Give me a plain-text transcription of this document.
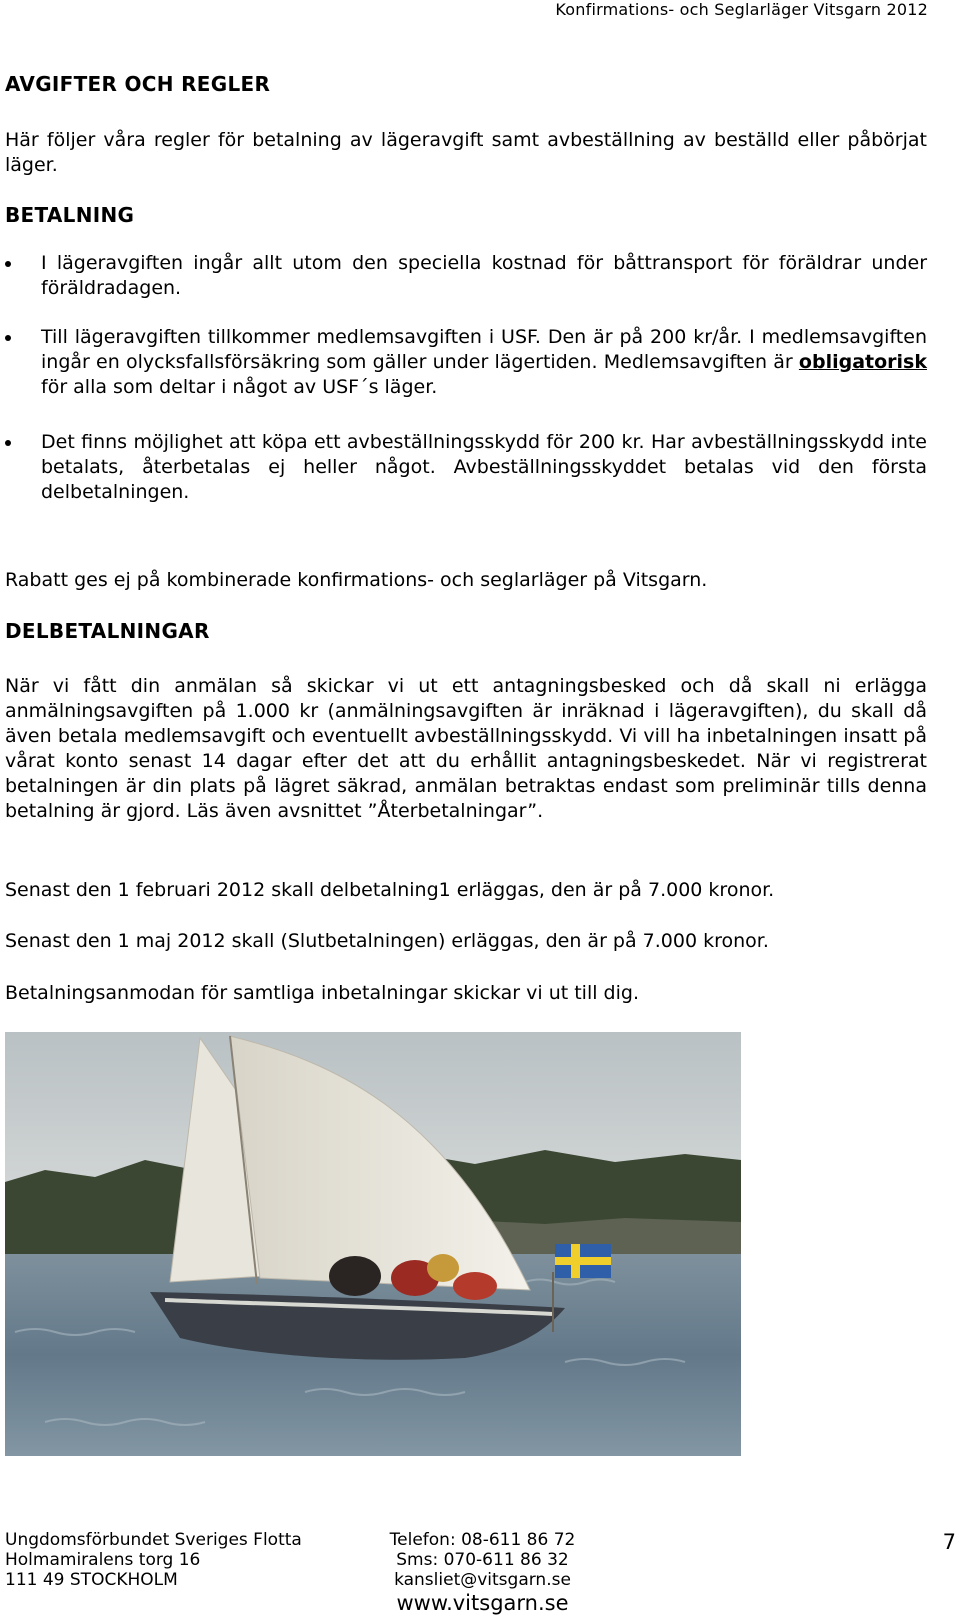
Konfirmations- och Seglarläger Vitsgarn 2012
AVGIFTER OCH REGLER
Här följer våra regler för betalning av lägeravgift samt avbeställning av beställd eller påbörjat läger.
BETALNING
I lägeravgiften ingår allt utom den speciella kostnad för båttransport för föräldrar under föräldradagen.
Till lägeravgiften tillkommer medlemsavgiften i USF. Den är på 200 kr/år. I medlemsavgiften ingår en olycksfallsförsäkring som gäller under lägertiden. Medlemsavgiften är obligatorisk för alla som deltar i något av USF´s läger.
Det finns möjlighet att köpa ett avbeställningsskydd för 200 kr. Har avbeställningsskydd inte betalats, återbetalas ej heller något. Avbeställningsskyddet betalas vid den första delbetalningen.
Rabatt ges ej på kombinerade konfirmations- och seglarläger på Vitsgarn.
DELBETALNINGAR
När vi fått din anmälan så skickar vi ut ett antagningsbesked och då skall ni erlägga anmälningsavgiften på 1.000 kr (anmälningsavgiften är inräknad i lägeravgiften), du skall då även betala medlemsavgift och eventuellt avbeställningsskydd. Vi vill ha inbetalningen insatt på vårat konto senast 14 dagar efter det att du erhållit antagningsbeskedet. När vi registrerat betalningen är din plats på lägret säkrad, anmälan betraktas endast som preliminär tills denna betalning är gjord. Läs även avsnittet ”Återbetalningar”.
Senast den 1 februari 2012 skall delbetalning1 erläggas, den är på 7.000 kronor.
Senast den 1 maj 2012 skall (Slutbetalningen) erläggas, den är på 7.000 kronor.
Betalningsanmodan för samtliga inbetalningar skickar vi ut till dig.
Ungdomsförbundet Sveriges Flotta
Holmamiralens torg 16
111 49 STOCKHOLM
Telefon: 08-611 86 72
Sms: 070-611 86 32
kansliet@vitsgarn.se
www.vitsgarn.se
7
